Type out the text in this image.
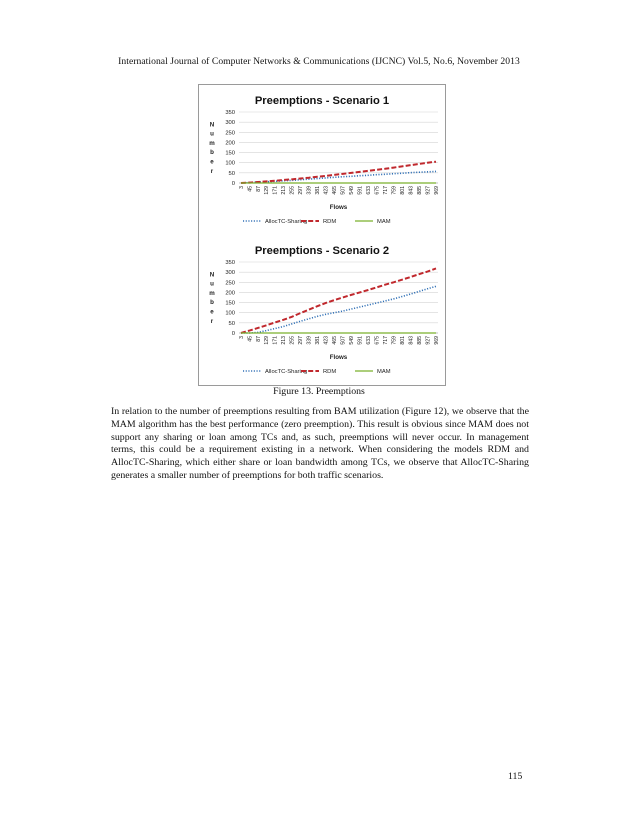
International Journal of Computer Networks & Communications (IJCNC) Vol.5, No.6, November 2013
Preemptions - Scenario 1
0
50
100
150
200
250
300
350
N
u
m
b
e
r
3 45 87 129 171 213 255 297 339 381 423 465 507 549 591 633 675 717 759 801 843 885 927 969
Flows
AllocTC-Sharing	RDM	MAM
Preemptions - Scenario 2
0
50
100
150
200
250
300
350
N
u
m
b
e
r
3 45 87 129 171 213 255 297 339 381 423 465 507 549 591 633 675 717 759 801 843 885 927 969
Flows
AllocTC-Sharing	RDM	MAM
Figure 13. Preemptions

In relation to the number of preemptions resulting from BAM utilization (Figure 12), we observe that the MAM algorithm has the best performance (zero preemption). This result is obvious since MAM does not support any sharing or loan among TCs and, as such, preemptions will never occur. In management terms, this could be a requirement existing in a network. When considering the models RDM and AllocTC-Sharing, which either share or loan bandwidth among TCs, we observe that AllocTC-Sharing generates a smaller number of preemptions for both traffic scenarios.

115
